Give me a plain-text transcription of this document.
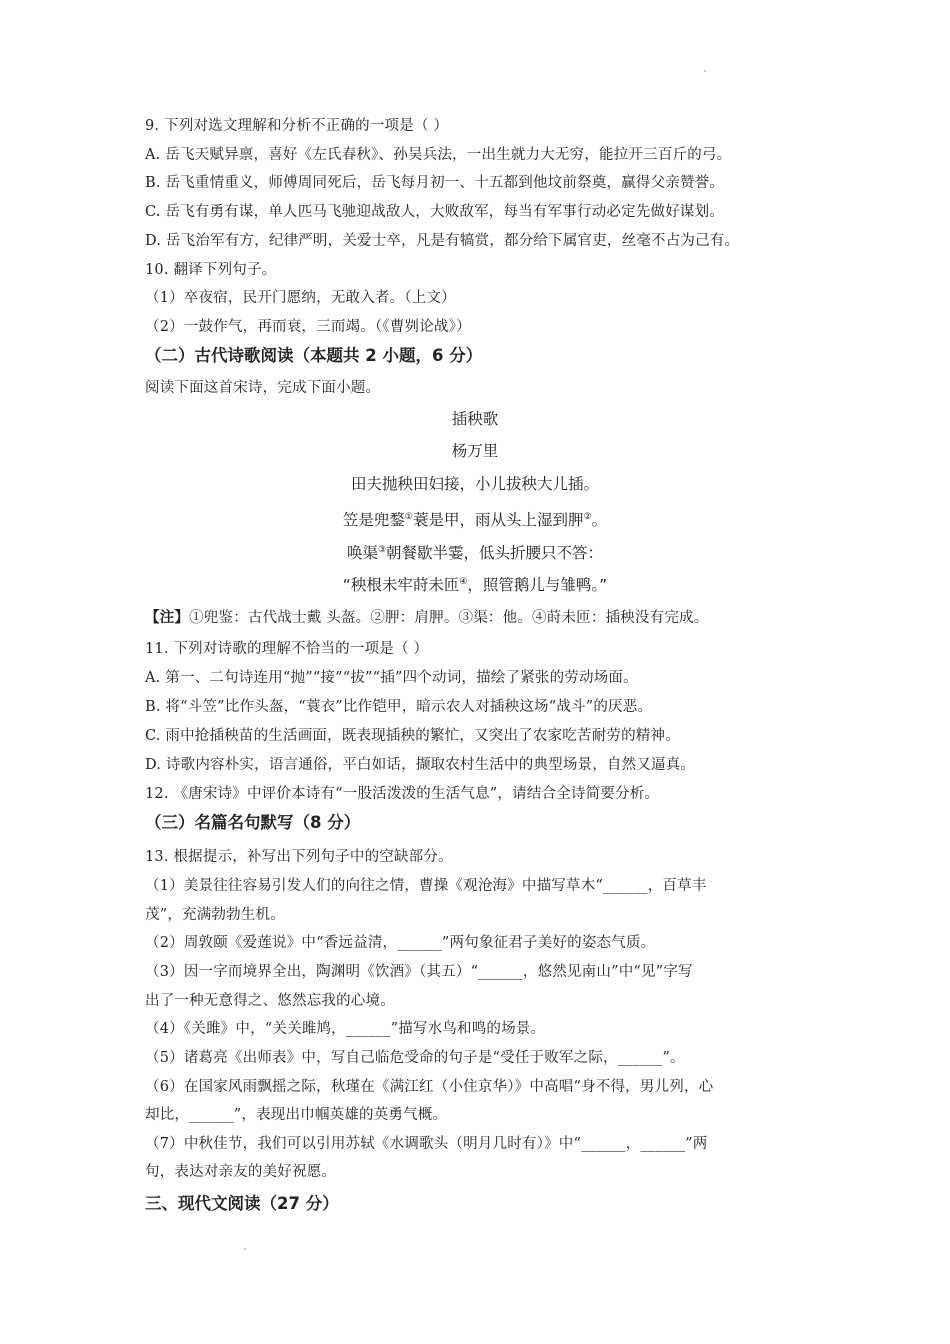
9. 下列对选文理解和分析不正确的一项是（ ）
A. 岳飞天赋异禀，喜好《左氏春秋》、孙吴兵法，一出生就力大无穷，能拉开三百斤的弓。
B. 岳飞重情重义，师傅周同死后，岳飞每月初一、十五都到他坟前祭奠，赢得父亲赞誉。
C. 岳飞有勇有谋，单人匹马飞驰迎战敌人，大败敌军，每当有军事行动必定先做好谋划。
D. 岳飞治军有方，纪律严明，关爱士卒，凡是有犒赏，都分给下属官吏，丝毫不占为己有。
10. 翻译下列句子。
（1）卒夜宿，民开门愿纳，无敢入者。（上文）
（2）一鼓作气，再而衰，三而竭。（《曹刿论战》）
（二）古代诗歌阅读（本题共 2 小题，6 分）
阅读下面这首宋诗，完成下面小题。
插秧歌
杨万里
田夫抛秧田妇接，小儿拔秧大儿插。
笠是兜鍪①蓑是甲，雨从头上湿到胛②。
唤渠③朝餐歇半霎，低头折腰只不答：
“秧根未牢莳未匝④，照管鹅儿与雏鸭。”
【注】①兜鉴：古代战士戴 头盔。②胛：肩胛。③渠：他。④莳未匝：插秧没有完成。
11. 下列对诗歌的理解不恰当的一项是（ ）
A. 第一、二句诗连用“抛”“接”“拔”“插”四个动词，描绘了紧张的劳动场面。
B. 将“斗笠”比作头盔，“蓑衣”比作铠甲，暗示农人对插秧这场“战斗”的厌恶。
C. 雨中抢插秧苗的生活画面，既表现插秧的繁忙，又突出了农家吃苦耐劳的精神。
D. 诗歌内容朴实，语言通俗，平白如话，撷取农村生活中的典型场景，自然又逼真。
12. 《唐宋诗》中评价本诗有“一股活泼泼的生活气息”，请结合全诗简要分析。
（三）名篇名句默写（8 分）
13. 根据提示，补写出下列句子中的空缺部分。
（1）美景往往容易引发人们的向往之情，曹操《观沧海》中描写草木“______，百草丰
茂”，充满勃勃生机。
（2）周敦颐《爱莲说》中“香远益清，______”两句象征君子美好的姿态气质。
（3）因一字而境界全出，陶渊明《饮酒》（其五）“______，悠然见南山”中“见”字写
出了一种无意得之、悠然忘我的心境。
（4）《关雎》中，“关关雎鸠，______”描写水鸟和鸣的场景。
（5）诸葛亮《出师表》中，写自己临危受命的句子是“受任于败军之际，______”。
（6）在国家风雨飘摇之际，秋瑾在《满江红（小住京华）》中高唱“身不得，男儿列，心
却比，______”，表现出巾帼英雄的英勇气概。
（7）中秋佳节，我们可以引用苏轼《水调歌头（明月几时有）》中“______，______”两
句，表达对亲友的美好祝愿。
三、现代文阅读（27 分）
